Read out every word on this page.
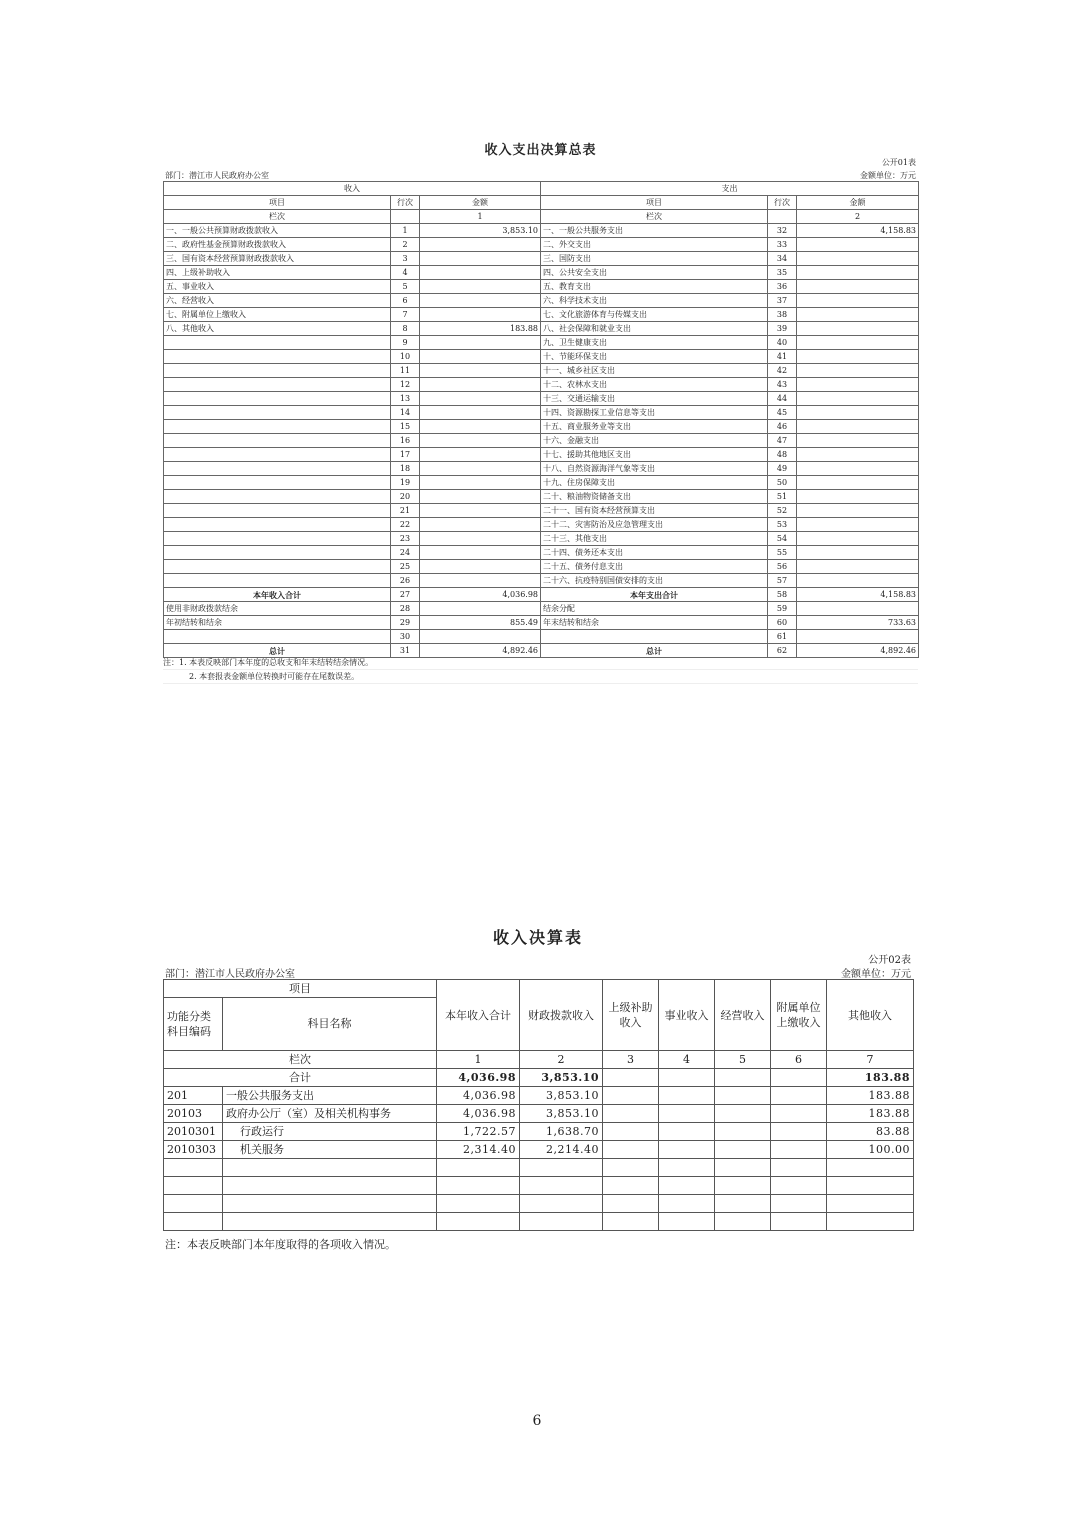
收入支出决算总表
公开01表
部门：潜江市人民政府办公室	金额单位：万元
收入			支出		
项目	行次	金额	项目	行次	金额
栏次		1	栏次		2
一、一般公共预算财政拨款收入	1	3,853.10	一、一般公共服务支出	32	4,158.83
二、政府性基金预算财政拨款收入	2		二、外交支出	33	
三、国有资本经营预算财政拨款收入	3		三、国防支出	34	
四、上级补助收入	4		四、公共安全支出	35	
五、事业收入	5		五、教育支出	36	
六、经营收入	6		六、科学技术支出	37	
七、附属单位上缴收入	7		七、文化旅游体育与传媒支出	38	
八、其他收入	8	183.88	八、社会保障和就业支出	39	
	9		九、卫生健康支出	40	
	10		十、节能环保支出	41	
	11		十一、城乡社区支出	42	
	12		十二、农林水支出	43	
	13		十三、交通运输支出	44	
	14		十四、资源勘探工业信息等支出	45	
	15		十五、商业服务业等支出	46	
	16		十六、金融支出	47	
	17		十七、援助其他地区支出	48	
	18		十八、自然资源海洋气象等支出	49	
	19		十九、住房保障支出	50	
	20		二十、粮油物资储备支出	51	
	21		二十一、国有资本经营预算支出	52	
	22		二十二、灾害防治及应急管理支出	53	
	23		二十三、其他支出	54	
	24		二十四、债务还本支出	55	
	25		二十五、债务付息支出	56	
	26		二十六、抗疫特别国债安排的支出	57	
本年收入合计	27	4,036.98	本年支出合计	58	4,158.83
使用非财政拨款结余	28		结余分配	59	
年初结转和结余	29	855.49	年末结转和结余	60	733.63
	30			61	
总计	31	4,892.46	总计	62	4,892.46
注：1. 本表反映部门本年度的总收支和年末结转结余情况。
2. 本套报表金额单位转换时可能存在尾数误差。
收入决算表
公开02表
部门：潜江市人民政府办公室	金额单位：万元
项目		本年收入合计	财政拨款收入	上级补助收入	事业收入	经营收入	附属单位上缴收入	其他收入
功能分类科目编码	科目名称							
栏次		1	2	3	4	5	6	7
合计		4,036.98	3,853.10					183.88
201	一般公共服务支出	4,036.98	3,853.10					183.88
20103	政府办公厅（室）及相关机构事务	4,036.98	3,853.10					183.88
2010301	行政运行	1,722.57	1,638.70					83.88
2010303	机关服务	2,314.40	2,214.40					100.00

注：本表反映部门本年度取得的各项收入情况。
6
